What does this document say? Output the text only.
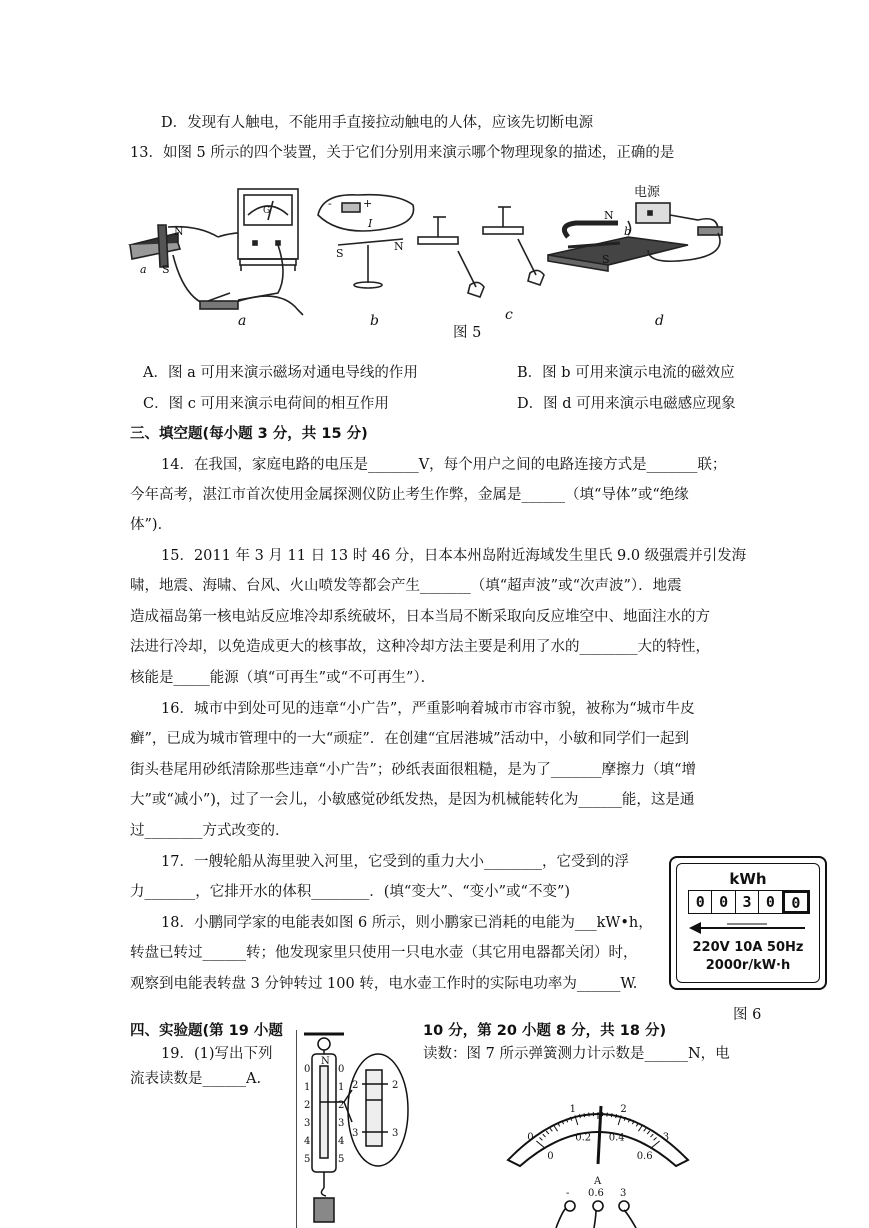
D．发现有人触电，不能用手直接拉动触电的人体，应该先切断电源
13．如图 5 所示的四个装置，关于它们分别用来演示哪个物理现象的描述，正确的是
N
S
a
G
-	+
I
N
S
N
S
b
电源
a	b	c	d
图 5
A．图 a 可用来演示磁场对通电导线的作用	B．图 b 可用来演示电流的磁效应
C．图 c 可用来演示电荷间的相互作用	D．图 d 可用来演示电磁感应现象
三、填空题(每小题 3 分，共 15 分)
14．在我国，家庭电路的电压是_______V，每个用户之间的电路连接方式是_______联；
今年高考，湛江市首次使用金属探测仪防止考生作弊，金属是______（填“导体”或“绝缘
体”)．
15．2011 年 3 月 11 日 13 时 46 分，日本本州岛附近海域发生里氏 9.0 级强震并引发海
啸，地震、海啸、台风、火山喷发等都会产生_______（填“超声波”或“次声波”）．地震
造成福岛第一核电站反应堆冷却系统破坏，日本当局不断采取向反应堆空中、地面注水的方
法进行冷却，以免造成更大的核事故，这种冷却方法主要是利用了水的________大的特性，
核能是_____能源（填“可再生”或“不可再生”）．
16．城市中到处可见的违章“小广告”，严重影响着城市市容市貌，被称为“城市牛皮
癣”，已成为城市管理中的一大“顽症”．在创建“宜居港城”活动中，小敏和同学们一起到
街头巷尾用砂纸清除那些违章“小广告”；砂纸表面很粗糙，是为了_______摩擦力（填“增
大”或“减小”)，过了一会儿，小敏感觉砂纸发热，是因为机械能转化为______能，这是通
过________方式改变的．
17．一艘轮船从海里驶入河里，它受到的重力大小________，它受到的浮
力_______，它排开水的体积________．(填“变大”、“变小”或“不变”)
18．小鹏同学家的电能表如图 6 所示，则小鹏家已消耗的电能为___kW•h，
转盘已转过______转；他发现家里只使用一只电水壶（其它用电器都关闭）时，
观察到电能表转盘 3 分钟转过 100 转，电水壶工作时的实际电功率为______W.
kWh
0 0 3 0	0
220V 10A 50Hz
2000r/kW·h
图 6
四、实验题(第 19 小题	10 分，第 20 小题 8 分，共 18 分)
19．(1)写出下列	读数：图 7 所示弹簧测力计示数是______N，电
流表读数是______A.
0
1
2
3
4
5
0
1
2
3
4
5
N
2
3
2
3	0
1	2
3
0
0.2 0.4
0.6
A
- 0.6 3
